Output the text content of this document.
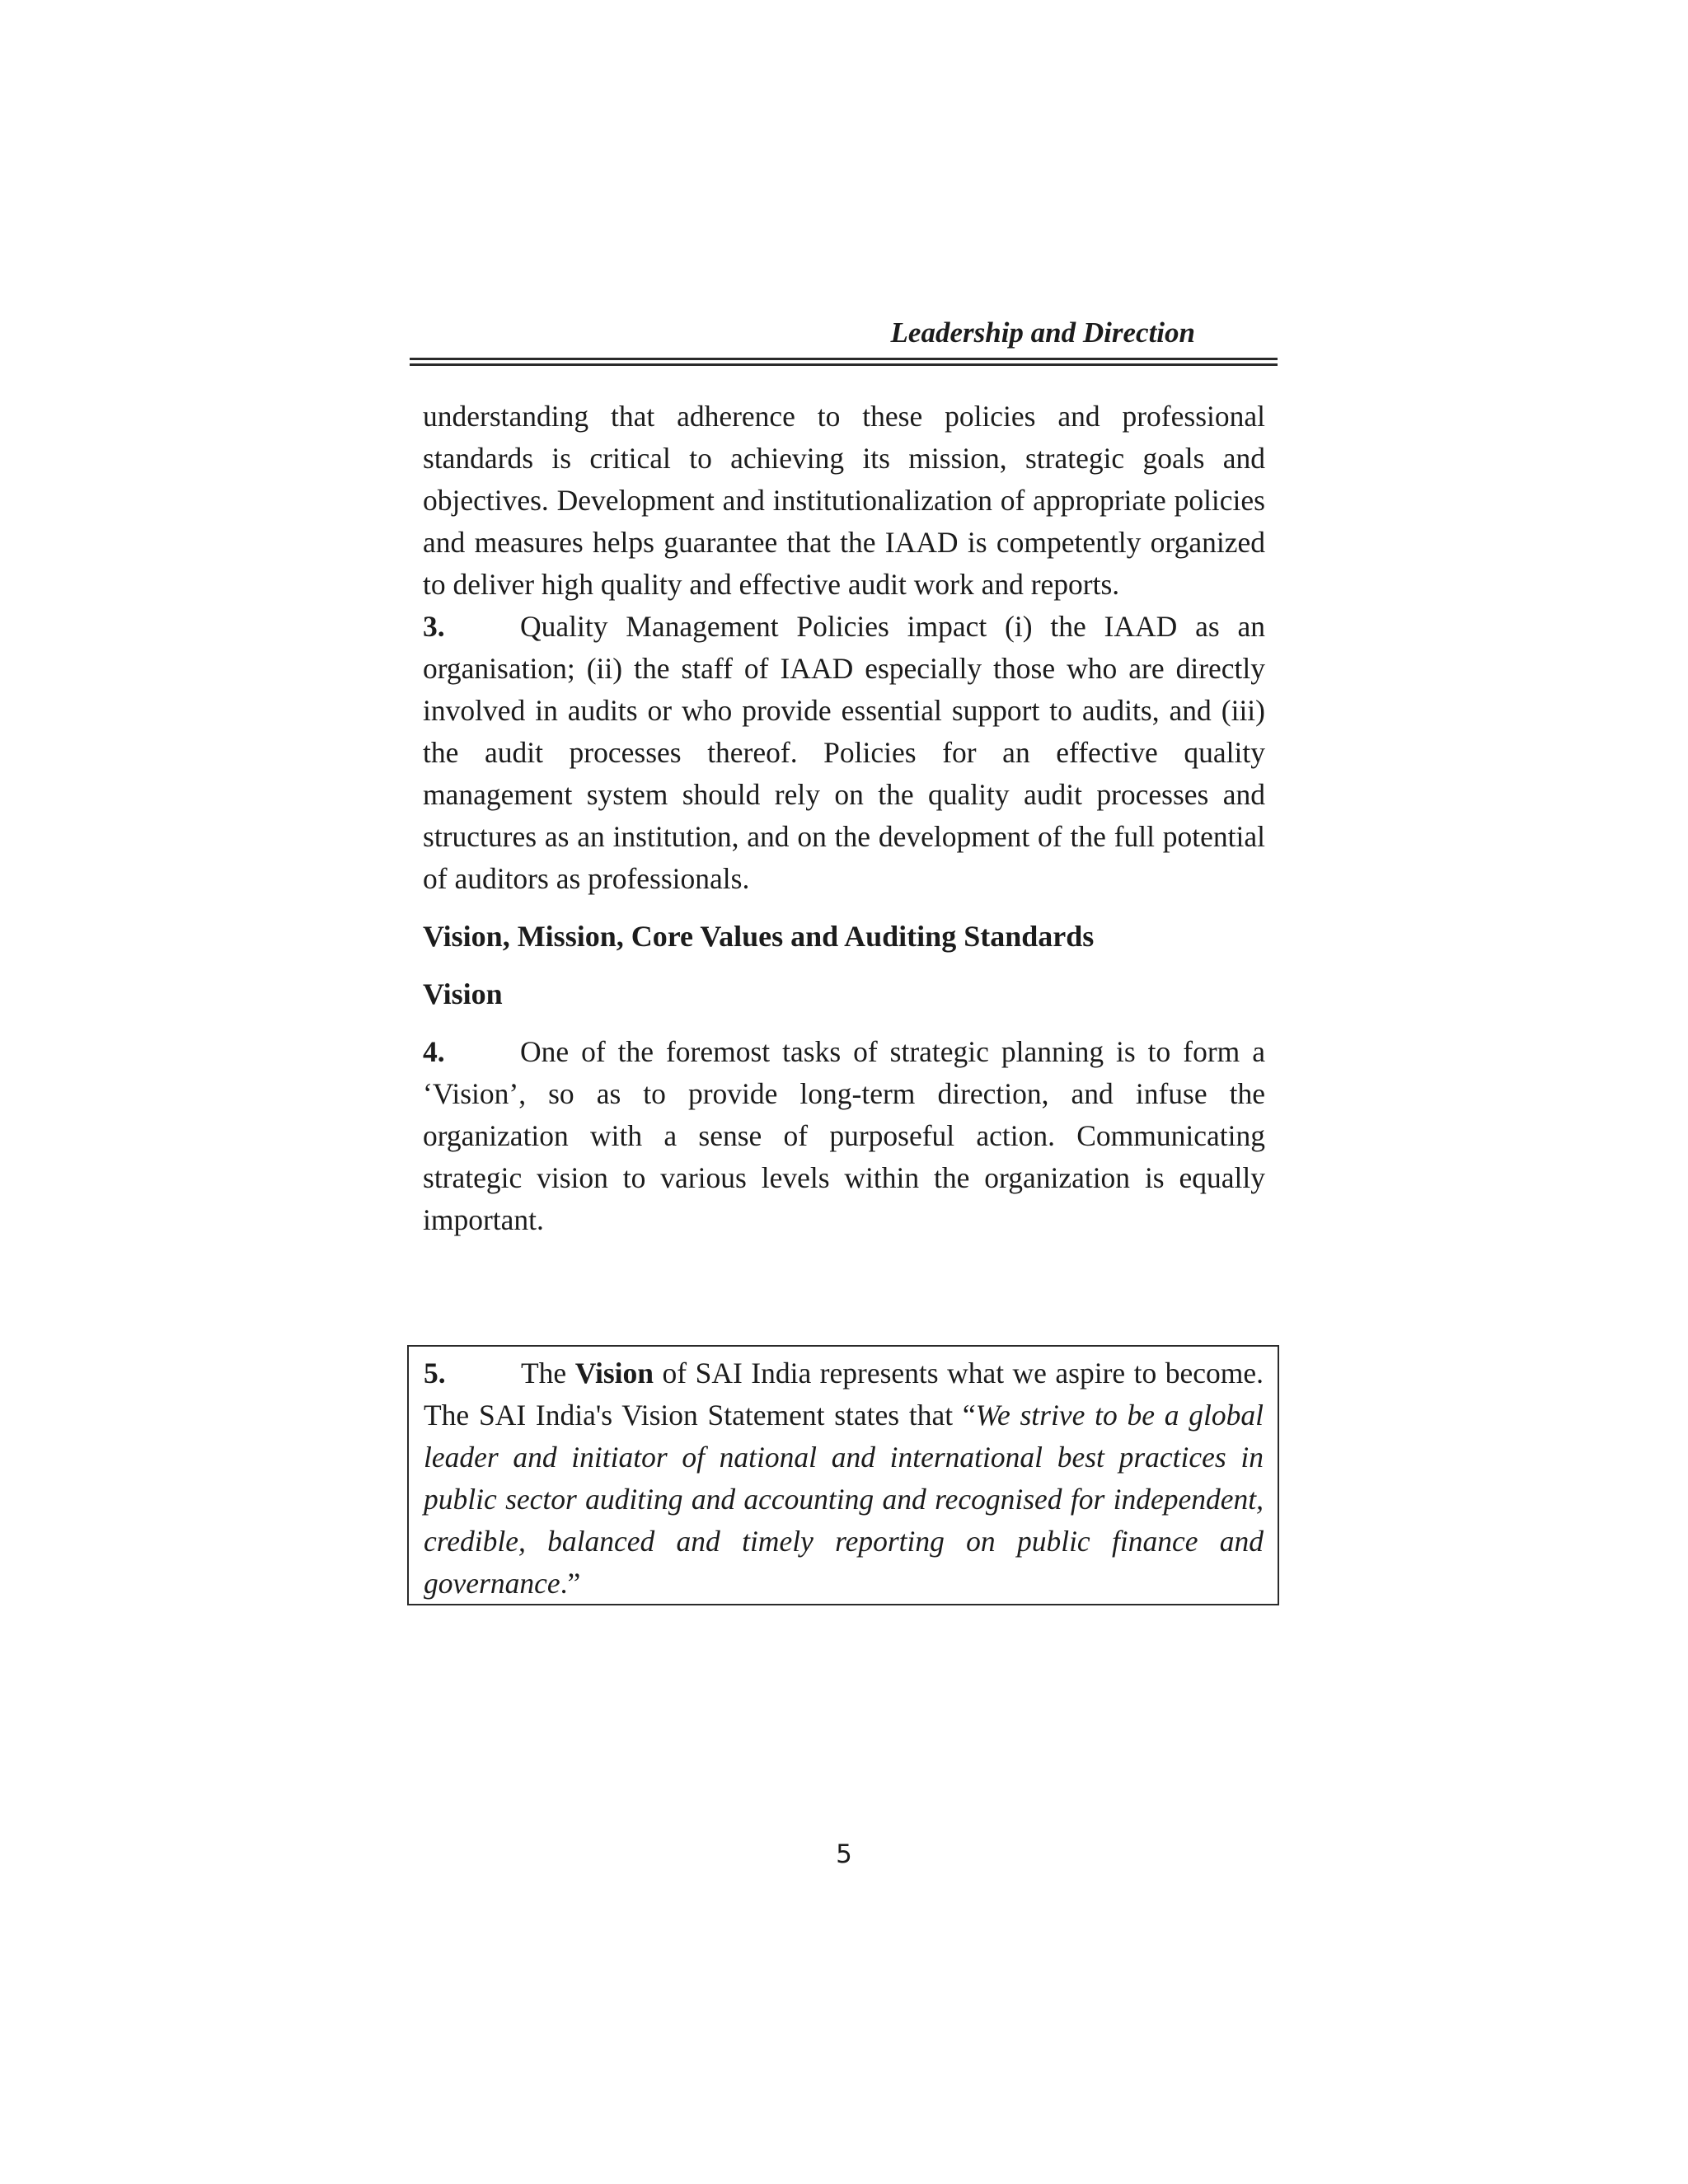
Leadership and Direction

understanding that adherence to these policies and professional standards is critical to achieving its mission, strategic goals and objectives. Development and institutionalization of appropriate policies and measures helps guarantee that the IAAD is competently organized to deliver high quality and effective audit work and reports.

3.	Quality Management Policies impact (i) the IAAD as an organisation; (ii) the staff of IAAD especially those who are directly involved in audits or who provide essential support to audits, and (iii) the audit processes thereof. Policies for an effective quality management system should rely on the quality audit processes and structures as an institution, and on the development of the full potential of auditors as professionals.

Vision, Mission, Core Values and Auditing Standards

Vision

4.	One of the foremost tasks of strategic planning is to form a ‘Vision’, so as to provide long-term direction, and infuse the organization with a sense of purposeful action. Communicating strategic vision to various levels within the organization is equally important.

5.	The Vision of SAI India represents what we aspire to become. The SAI India's Vision Statement states that “We strive to be a global leader and initiator of national and international best practices in public sector auditing and accounting and recognised for independent, credible, balanced and timely reporting on public finance and governance.”

5
